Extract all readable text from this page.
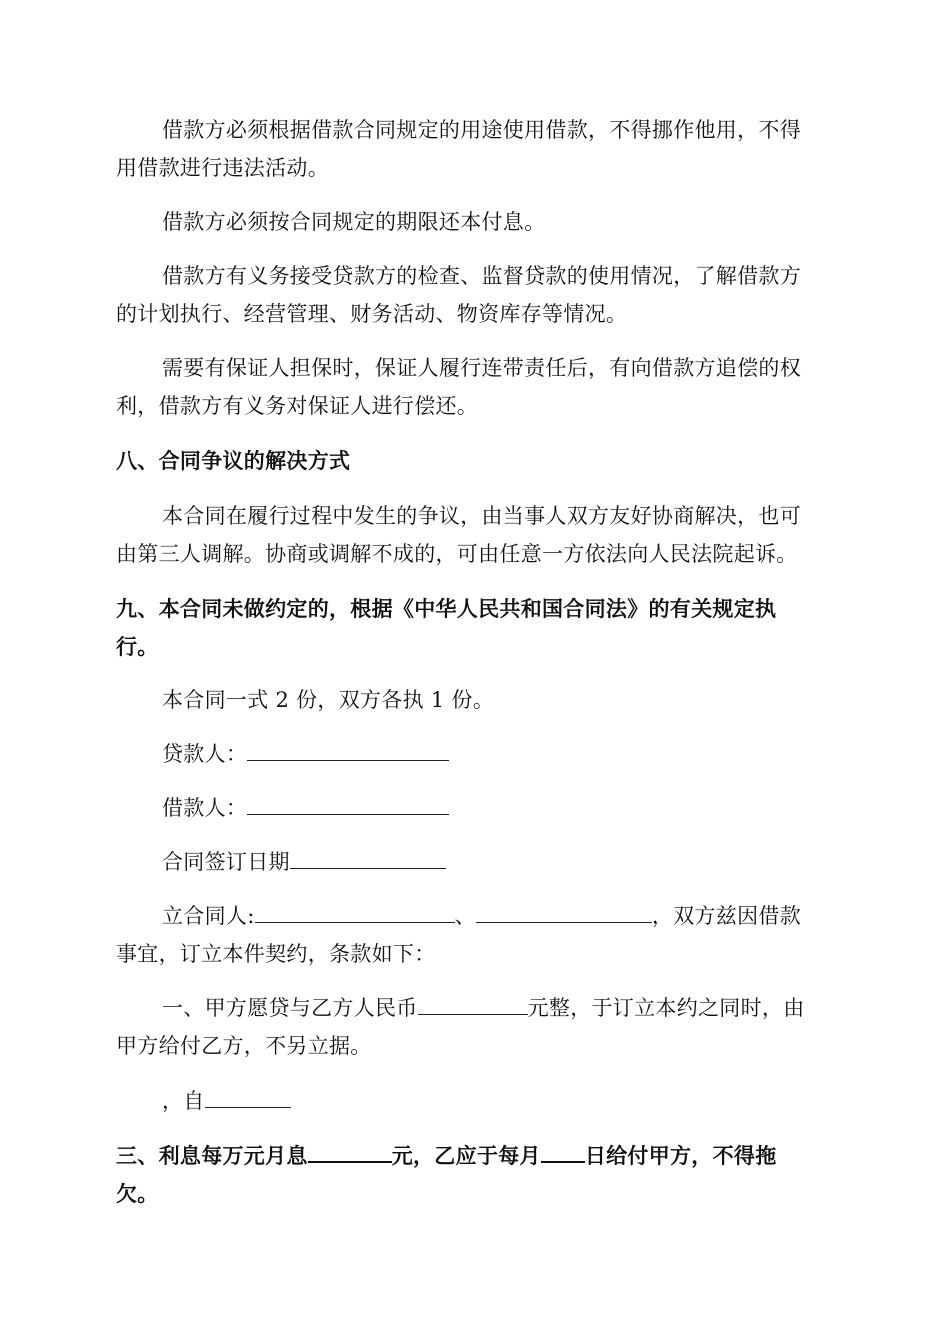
借款方必须根据借款合同规定的用途使用借款，不得挪作他用，不得
用借款进行违法活动。
借款方必须按合同规定的期限还本付息。
借款方有义务接受贷款方的检查、监督贷款的使用情况，了解借款方
的计划执行、经营管理、财务活动、物资库存等情况。
需要有保证人担保时，保证人履行连带责任后，有向借款方追偿的权
利，借款方有义务对保证人进行偿还。
八、合同争议的解决方式
本合同在履行过程中发生的争议，由当事人双方友好协商解决，也可
由第三人调解。协商或调解不成的，可由任意一方依法向人民法院起诉。
九、本合同未做约定的，根据《中华人民共和国合同法》的有关规定执
行。
本合同一式 2 份，双方各执 1 份。
贷款人：
借款人：
合同签订日期
立合同人:	、	，双方兹因借款
事宜，订立本件契约，条款如下：
一、甲方愿贷与乙方人民币	元整，于订立本约之同时，由
甲方给付乙方，不另立据。
，自
三、利息每万元月息	元，乙应于每月 日给付甲方，不得拖
欠。
